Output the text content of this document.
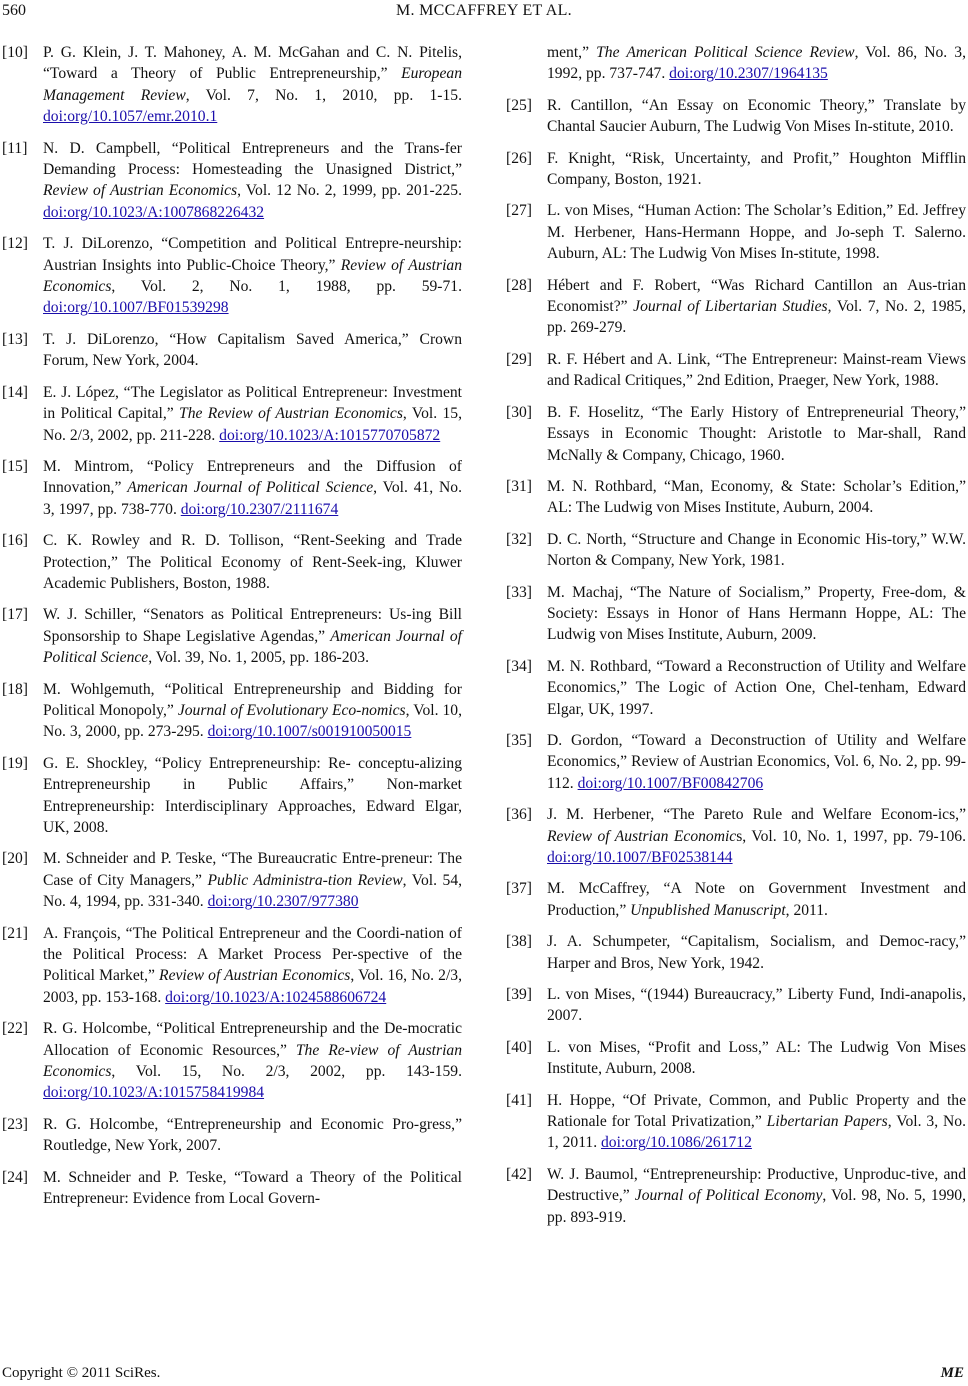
560	M. MCCAFFREY ET AL.
[10] P. G. Klein, J. T. Mahoney, A. M. McGahan and C. N. Pitelis, “Toward a Theory of Public Entrepreneurship,” European Management Review, Vol. 7, No. 1, 2010, pp. 1-15. doi:org/10.1057/emr.2010.1
[11] N. D. Campbell, “Political Entrepreneurs and the Trans-fer Demanding Process: Homesteading the Unasigned District,” Review of Austrian Economics, Vol. 12 No. 2, 1999, pp. 201-225. doi:org/10.1023/A:1007868226432
[12] T. J. DiLorenzo, “Competition and Political Entrepre-neurship: Austrian Insights into Public-Choice Theory,” Review of Austrian Economics, Vol. 2, No. 1, 1988, pp. 59-71. doi:org/10.1007/BF01539298
[13] T. J. DiLorenzo, “How Capitalism Saved America,” Crown Forum, New York, 2004.
[14] E. J. López, “The Legislator as Political Entrepreneur: Investment in Political Capital,” The Review of Austrian Economics, Vol. 15, No. 2/3, 2002, pp. 211-228. doi:org/10.1023/A:1015770705872
[15] M. Mintrom, “Policy Entrepreneurs and the Diffusion of Innovation,” American Journal of Political Science, Vol. 41, No. 3, 1997, pp. 738-770. doi:org/10.2307/2111674
[16] C. K. Rowley and R. D. Tollison, “Rent-Seeking and Trade Protection,” The Political Economy of Rent-Seek-ing, Kluwer Academic Publishers, Boston, 1988.
[17] W. J. Schiller, “Senators as Political Entrepreneurs: Us-ing Bill Sponsorship to Shape Legislative Agendas,” American Journal of Political Science, Vol. 39, No. 1, 2005, pp. 186-203.
[18] M. Wohlgemuth, “Political Entrepreneurship and Bidding for Political Monopoly,” Journal of Evolutionary Eco-nomics, Vol. 10, No. 3, 2000, pp. 273-295. doi:org/10.1007/s001910050015
[19] G. E. Shockley, “Policy Entrepreneurship: Re- conceptu-alizing Entrepreneurship in Public Affairs,” Non-market Entrepreneurship: Interdisciplinary Approaches, Edward Elgar, UK, 2008.
[20] M. Schneider and P. Teske, “The Bureaucratic Entre-preneur: The Case of City Managers,” Public Administra-tion Review, Vol. 54, No. 4, 1994, pp. 331-340. doi:org/10.2307/977380
[21] A. François, “The Political Entrepreneur and the Coordi-nation of the Political Process: A Market Process Per-spective of the Political Market,” Review of Austrian Economics, Vol. 16, No. 2/3, 2003, pp. 153-168. doi:org/10.1023/A:1024588606724
[22] R. G. Holcombe, “Political Entrepreneurship and the De-mocratic Allocation of Economic Resources,” The Re-view of Austrian Economics, Vol. 15, No. 2/3, 2002, pp. 143-159. doi:org/10.1023/A:1015758419984
[23] R. G. Holcombe, “Entrepreneurship and Economic Pro-gress,” Routledge, New York, 2007.
[24] M. Schneider and P. Teske, “Toward a Theory of the Political Entrepreneur: Evidence from Local Govern-
ment,” The American Political Science Review, Vol. 86, No. 3, 1992, pp. 737-747. doi:org/10.2307/1964135
[25] R. Cantillon, “An Essay on Economic Theory,” Translate by Chantal Saucier Auburn, The Ludwig Von Mises In-stitute, 2010.
[26] F. Knight, “Risk, Uncertainty, and Profit,” Houghton Mifflin Company, Boston, 1921.
[27] L. von Mises, “Human Action: The Scholar’s Edition,” Ed. Jeffrey M. Herbener, Hans-Hermann Hoppe, and Jo-seph T. Salerno. Auburn, AL: The Ludwig Von Mises In-stitute, 1998.
[28] Hébert and F. Robert, “Was Richard Cantillon an Aus-trian Economist?” Journal of Libertarian Studies, Vol. 7, No. 2, 1985, pp. 269-279.
[29] R. F. Hébert and A. Link, “The Entrepreneur: Mainst-ream Views and Radical Critiques,” 2nd Edition, Praeger, New York, 1988.
[30] B. F. Hoselitz, “The Early History of Entrepreneurial Theory,” Essays in Economic Thought: Aristotle to Mar-shall, Rand McNally & Company, Chicago, 1960.
[31] M. N. Rothbard, “Man, Economy, & State: Scholar’s Edition,” AL: The Ludwig von Mises Institute, Auburn, 2004.
[32] D. C. North, “Structure and Change in Economic His-tory,” W.W. Norton & Company, New York, 1981.
[33] M. Machaj, “The Nature of Socialism,” Property, Free-dom, & Society: Essays in Honor of Hans Hermann Hoppe, AL: The Ludwig von Mises Institute, Auburn, 2009.
[34] M. N. Rothbard, “Toward a Reconstruction of Utility and Welfare Economics,” The Logic of Action One, Chel-tenham, Edward Elgar, UK, 1997.
[35] D. Gordon, “Toward a Deconstruction of Utility and Welfare Economics,” Review of Austrian Economics, Vol. 6, No. 2, pp. 99-112. doi:org/10.1007/BF00842706
[36] J. M. Herbener, “The Pareto Rule and Welfare Econom-ics,” Review of Austrian Economics, Vol. 10, No. 1, 1997, pp. 79-106. doi:org/10.1007/BF02538144
[37] M. McCaffrey, “A Note on Government Investment and Production,” Unpublished Manuscript, 2011.
[38] J. A. Schumpeter, “Capitalism, Socialism, and Democ-racy,” Harper and Bros, New York, 1942.
[39] L. von Mises, “(1944) Bureaucracy,” Liberty Fund, Indi-anapolis, 2007.
[40] L. von Mises, “Profit and Loss,” AL: The Ludwig Von Mises Institute, Auburn, 2008.
[41] H. Hoppe, “Of Private, Common, and Public Property and the Rationale for Total Privatization,” Libertarian Papers, Vol. 3, No. 1, 2011. doi:org/10.1086/261712
[42] W. J. Baumol, “Entrepreneurship: Productive, Unproduc-tive, and Destructive,” Journal of Political Economy, Vol. 98, No. 5, 1990, pp. 893-919.
Copyright © 2011 SciRes.	ME
